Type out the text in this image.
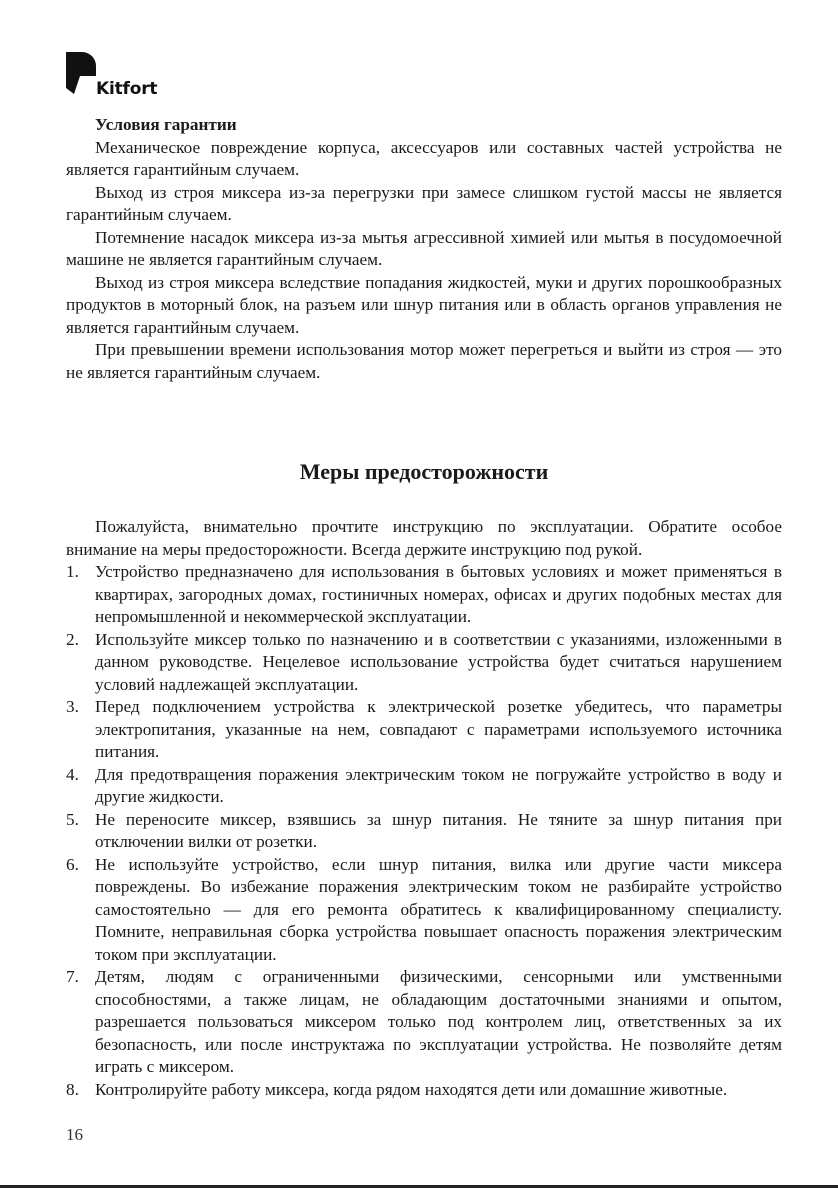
Kitfort

Условия гарантии

Механическое повреждение корпуса, аксессуаров или составных частей устройства не является гарантийным случаем.

Выход из строя миксера из-за перегрузки при замесе слишком густой массы не является гарантийным случаем.

Потемнение насадок миксера из-за мытья агрессивной химией или мытья в посудомоечной машине не является гарантийным случаем.

Выход из строя миксера вследствие попадания жидкостей, муки и других порошкообразных продуктов в моторный блок, на разъем или шнур питания или в область органов управления не является гарантийным случаем.

При превышении времени использования мотор может перегреться и выйти из строя — это не является гарантийным случаем.

Меры предосторожности

Пожалуйста, внимательно прочтите инструкцию по эксплуатации. Обратите особое внимание на меры предосторожности. Всегда держите инструкцию под рукой.

1. Устройство предназначено для использования в бытовых условиях и может применяться в квартирах, загородных домах, гостиничных номерах, офисах и других подобных местах для непромышленной и некоммерческой эксплуатации.
2. Используйте миксер только по назначению и в соответствии с указаниями, изложенными в данном руководстве. Нецелевое использование устройства будет считаться нарушением условий надлежащей эксплуатации.
3. Перед подключением устройства к электрической розетке убедитесь, что параметры электропитания, указанные на нем, совпадают с параметрами используемого источника питания.
4. Для предотвращения поражения электрическим током не погружайте устройство в воду и другие жидкости.
5. Не переносите миксер, взявшись за шнур питания. Не тяните за шнур питания при отключении вилки от розетки.
6. Не используйте устройство, если шнур питания, вилка или другие части миксера повреждены. Во избежание поражения электрическим током не разбирайте устройство самостоятельно — для его ремонта обратитесь к квалифицированному специалисту. Помните, неправильная сборка устройства повышает опасность поражения электрическим током при эксплуатации.
7. Детям, людям с ограниченными физическими, сенсорными или умственными способностями, а также лицам, не обладающим достаточными знаниями и опытом, разрешается пользоваться миксером только под контролем лиц, ответственных за их безопасность, или после инструктажа по эксплуатации устройства. Не позволяйте детям играть с миксером.
8. Контролируйте работу миксера, когда рядом находятся дети или домашние животные.
16
